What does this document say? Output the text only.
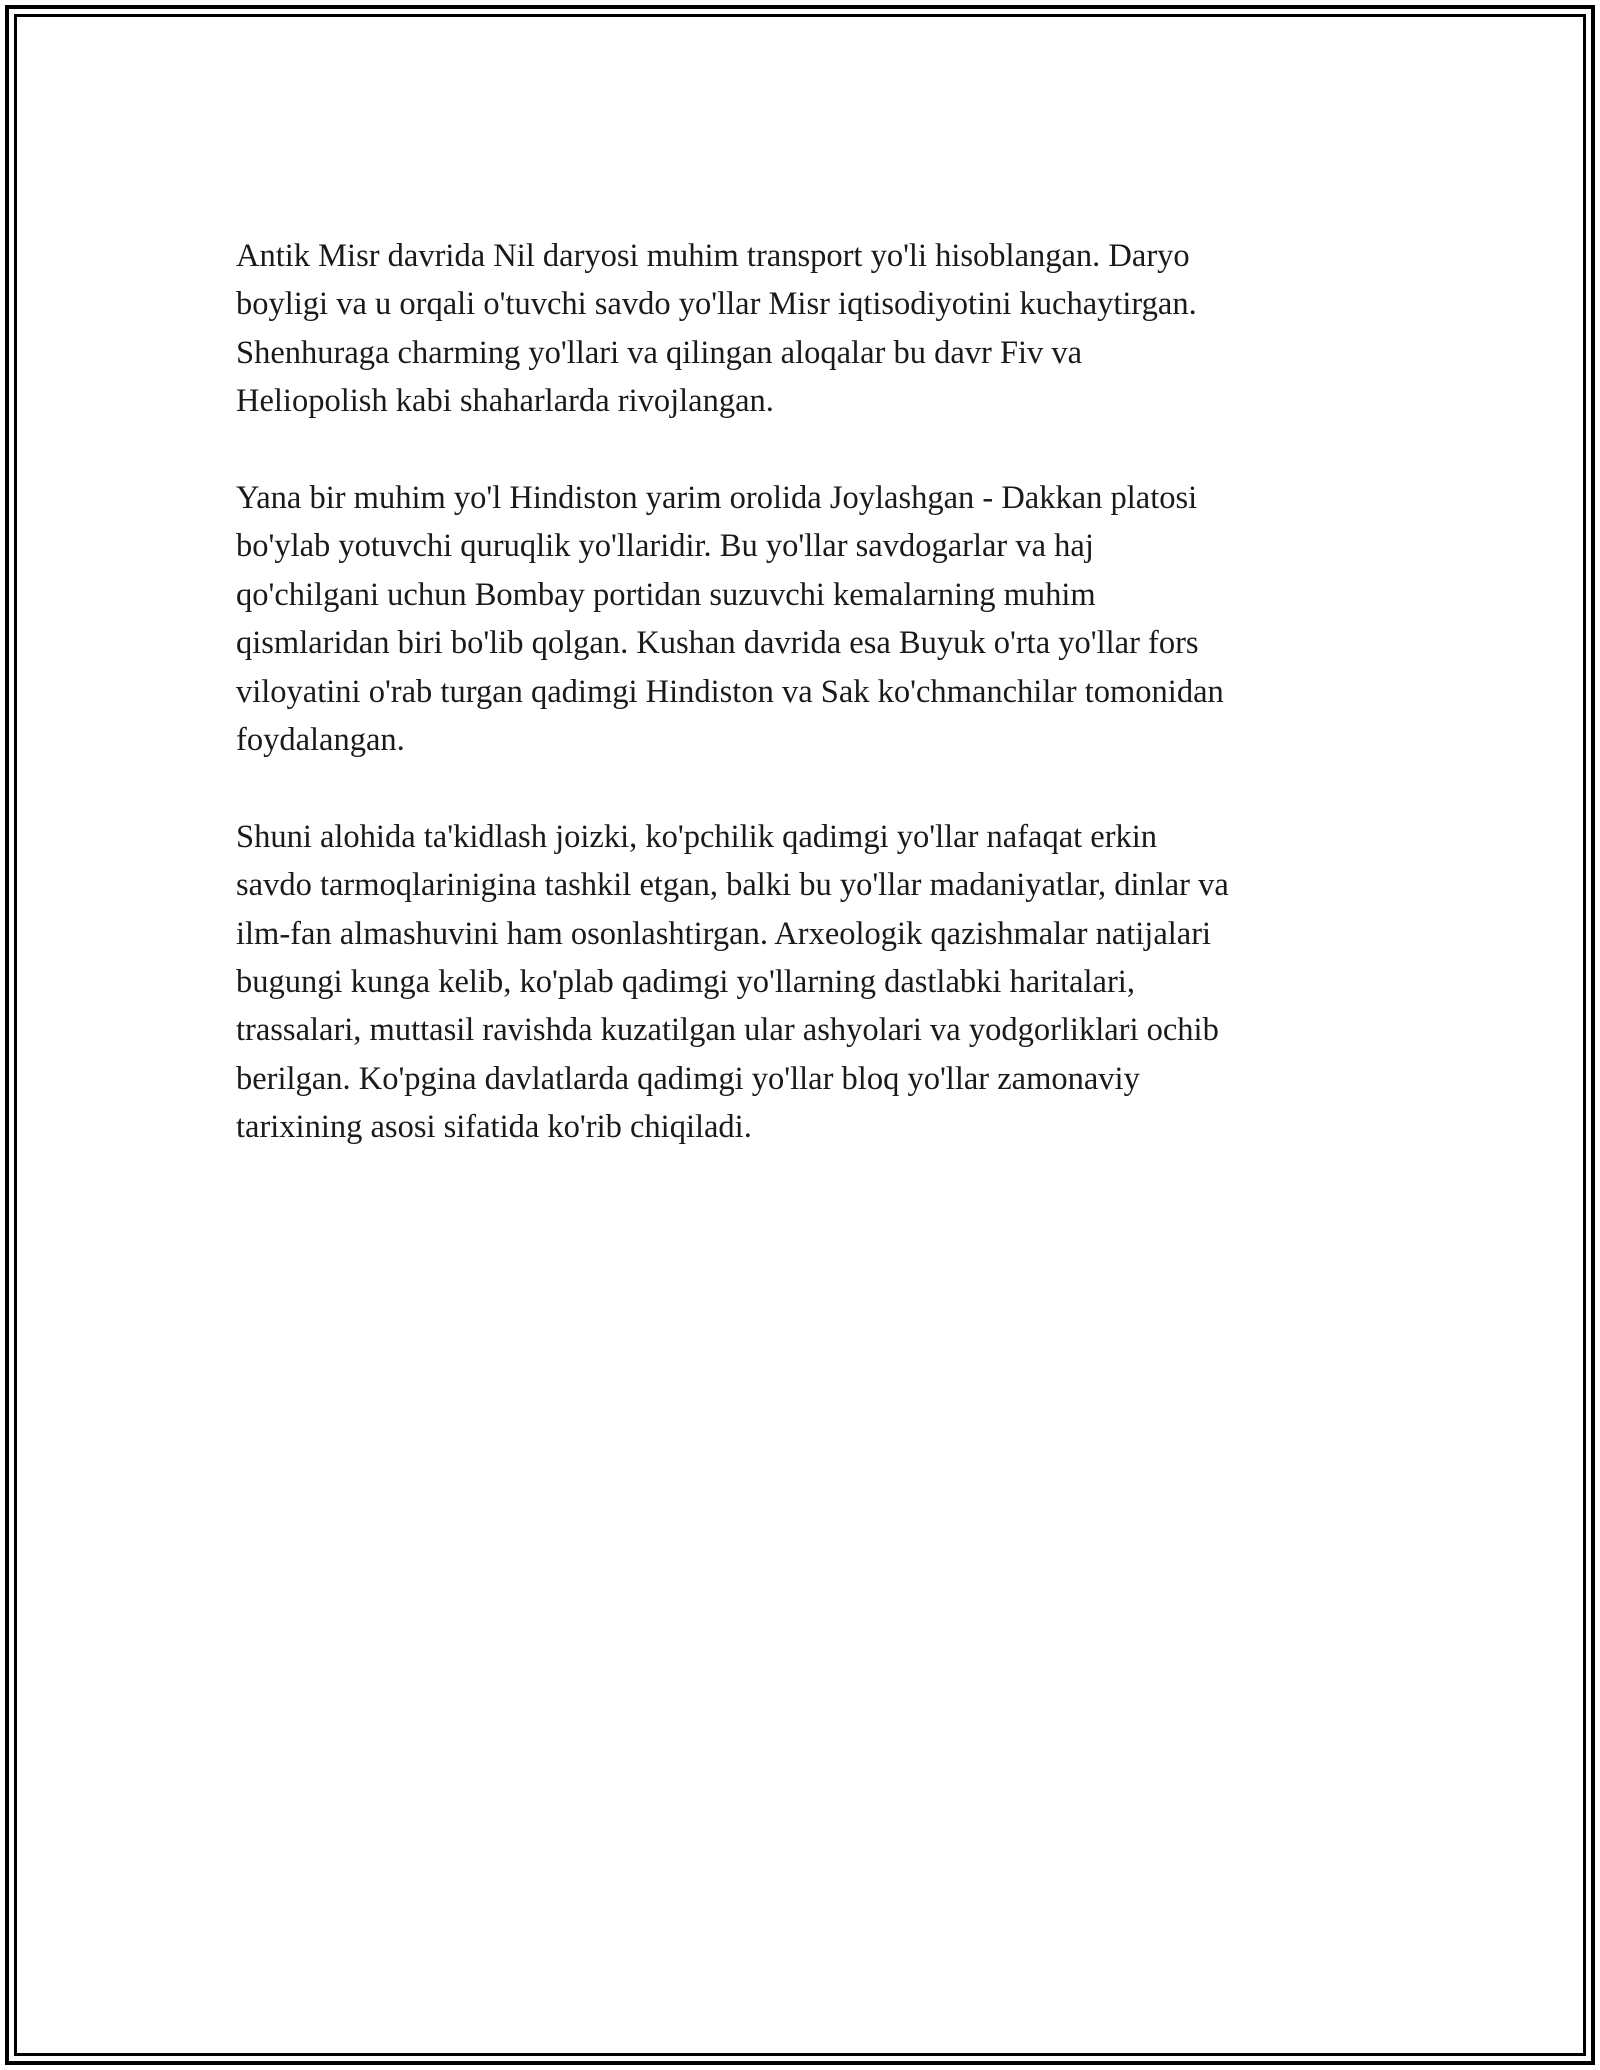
Antik Misr davrida Nil daryosi muhim transport yo'li hisoblangan. Daryo
boyligi va u orqali o'tuvchi savdo yo'llar Misr iqtisodiyotini kuchaytirgan.
Shenhuraga charming yo'llari va qilingan aloqalar bu davr Fiv va
Heliopolish kabi shaharlarda rivojlangan.

Yana bir muhim yo'l Hindiston yarim orolida Joylashgan - Dakkan platosi
bo'ylab yotuvchi quruqlik yo'llaridir. Bu yo'llar savdogarlar va haj
qo'chilgani uchun Bombay portidan suzuvchi kemalarning muhim
qismlaridan biri bo'lib qolgan. Kushan davrida esa Buyuk o'rta yo'llar fors
viloyatini o'rab turgan qadimgi Hindiston va Sak ko'chmanchilar tomonidan
foydalangan.

Shuni alohida ta'kidlash joizki, ko'pchilik qadimgi yo'llar nafaqat erkin
savdo tarmoqlarinigina tashkil etgan, balki bu yo'llar madaniyatlar, dinlar va
ilm-fan almashuvini ham osonlashtirgan. Arxeologik qazishmalar natijalari
bugungi kunga kelib, ko'plab qadimgi yo'llarning dastlabki haritalari,
trassalari, muttasil ravishda kuzatilgan ular ashyolari va yodgorliklari ochib
berilgan. Ko'pgina davlatlarda qadimgi yo'llar bloq yo'llar zamonaviy
tarixining asosi sifatida ko'rib chiqiladi.
